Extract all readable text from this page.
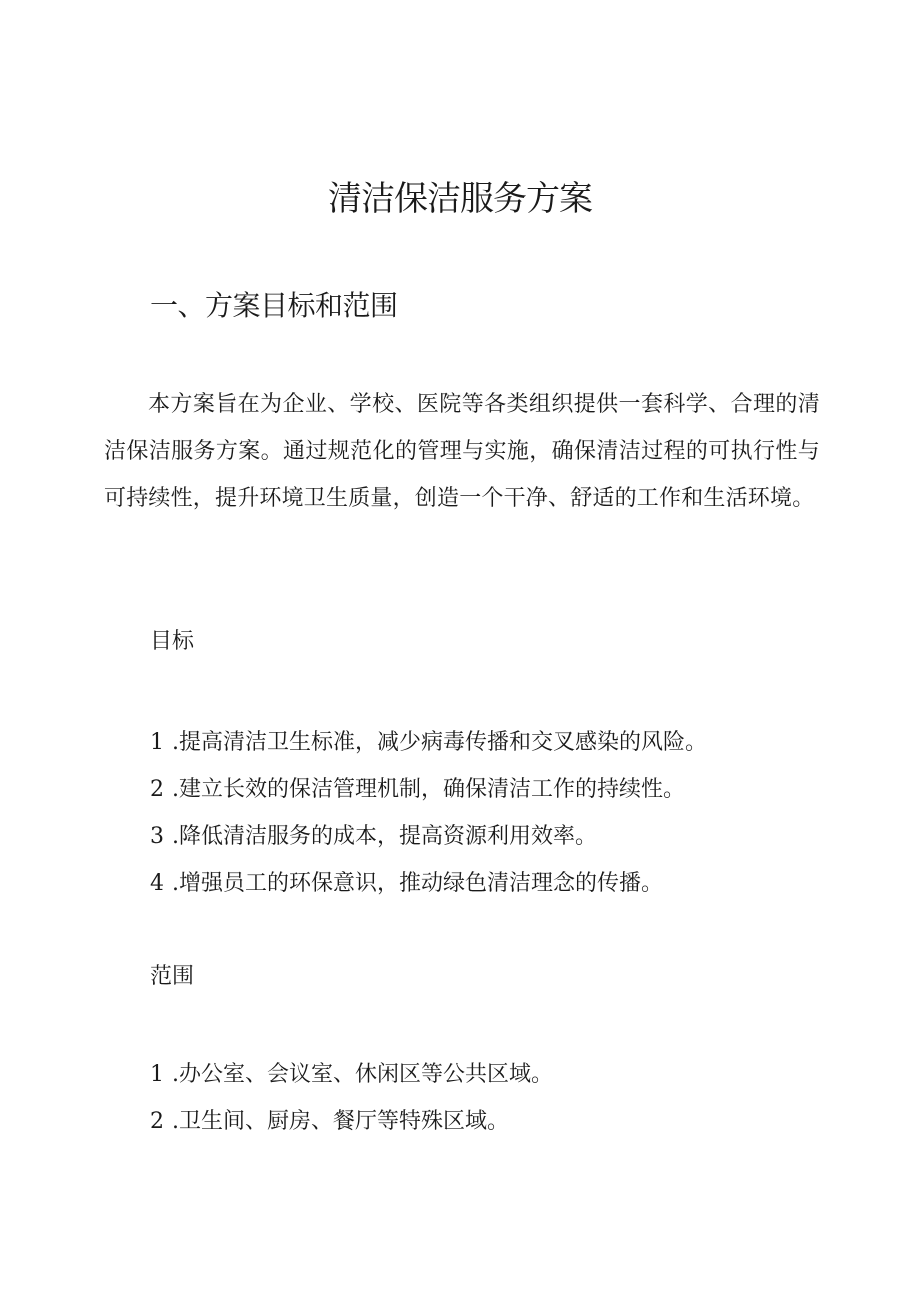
清洁保洁服务方案
一、方案目标和范围

本方案旨在为企业、学校、医院等各类组织提供一套科学、合理的清洁保洁服务方案。通过规范化的管理与实施，确保清洁过程的可执行性与可持续性，提升环境卫生质量，创造一个干净、舒适的工作和生活环境。

目标
1 .提高清洁卫生标准，减少病毒传播和交叉感染的风险。
2 .建立长效的保洁管理机制，确保清洁工作的持续性。
3 .降低清洁服务的成本，提高资源利用效率。
4 .增强员工的环保意识，推动绿色清洁理念的传播。
范围
1 .办公室、会议室、休闲区等公共区域。
2 .卫生间、厨房、餐厅等特殊区域。
